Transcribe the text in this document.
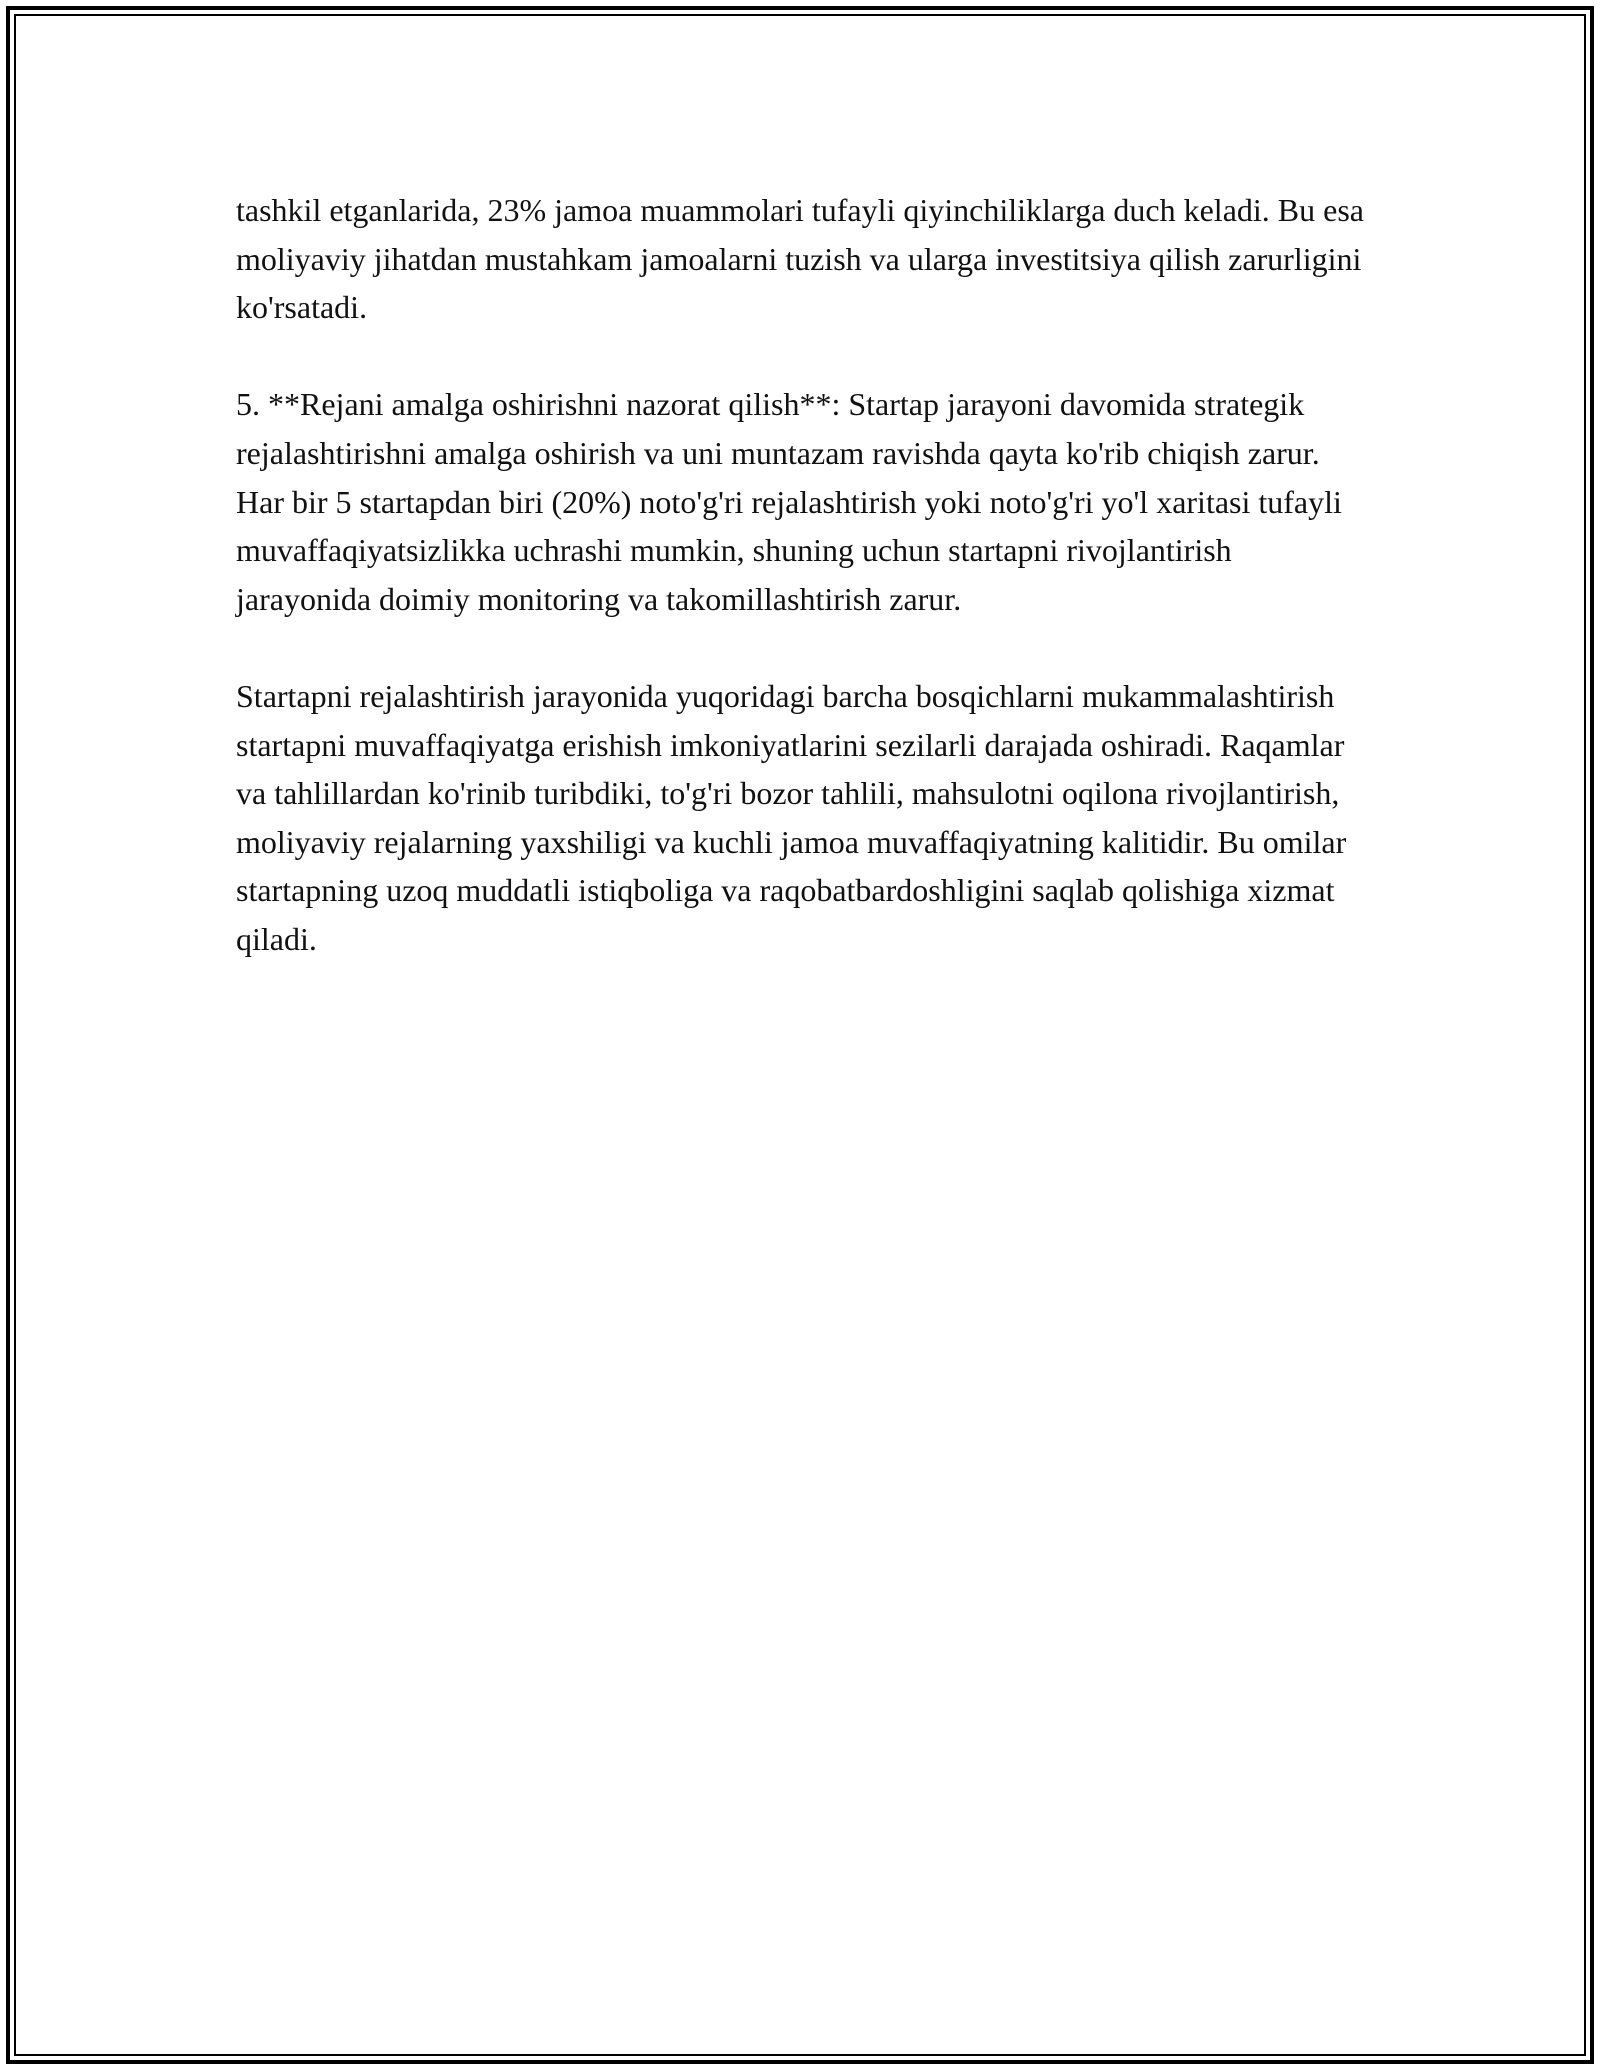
tashkil etganlarida, 23% jamoa muammolari tufayli qiyinchiliklarga duch keladi. Bu esa moliyaviy jihatdan mustahkam jamoalarni tuzish va ularga investitsiya qilish zarurligini ko'rsatadi.

5. **Rejani amalga oshirishni nazorat qilish**: Startap jarayoni davomida strategik rejalashtirishni amalga oshirish va uni muntazam ravishda qayta ko'rib chiqish zarur. Har bir 5 startapdan biri (20%) noto'g'ri rejalashtirish yoki noto'g'ri yo'l xaritasi tufayli muvaffaqiyatsizlikka uchrashi mumkin, shuning uchun startapni rivojlantirish jarayonida doimiy monitoring va takomillashtirish zarur.

Startapni rejalashtirish jarayonida yuqoridagi barcha bosqichlarni mukammalashtirish startapni muvaffaqiyatga erishish imkoniyatlarini sezilarli darajada oshiradi. Raqamlar va tahlillardan ko'rinib turibdiki, to'g'ri bozor tahlili, mahsulotni oqilona rivojlantirish, moliyaviy rejalarning yaxshiligi va kuchli jamoa muvaffaqiyatning kalitidir. Bu omilar startapning uzoq muddatli istiqboliga va raqobatbardoshligini saqlab qolishiga xizmat qiladi.
